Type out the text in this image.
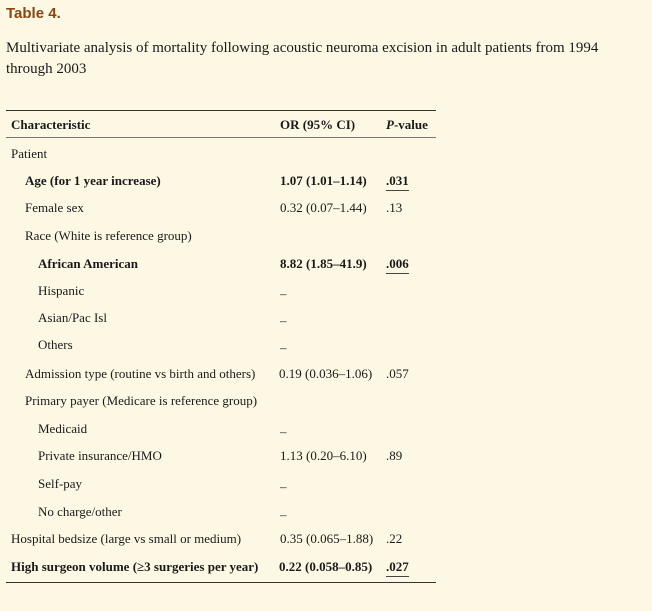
Table 4.
Multivariate analysis of mortality following acoustic neuroma excision in adult patients from 1994 through 2003
Characteristic	OR (95% CI) P-value
Patient
Age (for 1 year increase)	1.07 (1.01–1.14) .031
Female sex	0.32 (0.07–1.44) .13
Race (White is reference group)
African American	8.82 (1.85–41.9) .006
Hispanic	–
Asian/Pac Isl	–
Others	–
Admission type (routine vs birth and others) 0.19 (0.036–1.06) .057
Primary payer (Medicare is reference group)
Medicaid	–
Private insurance/HMO	1.13 (0.20–6.10) .89
Self-pay	–
No charge/other	–
Hospital bedsize (large vs small or medium)	0.35 (0.065–1.88) .22
High surgeon volume (≥3 surgeries per year) 0.22 (0.058–0.85) .027
